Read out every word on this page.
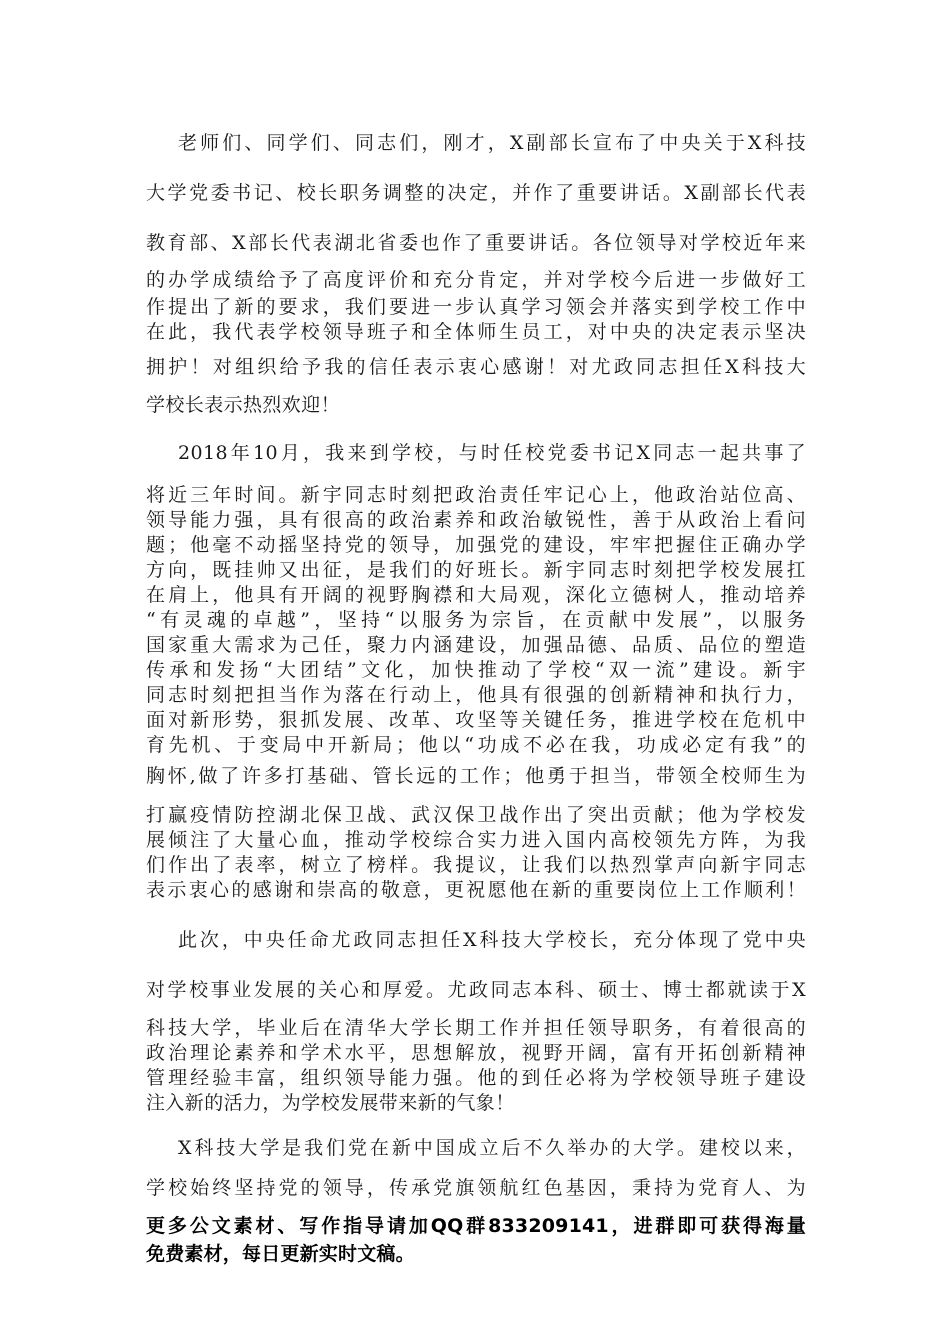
老师们、同学们、同志们，刚才，X副部长宣布了中央关于X科技
大学党委书记、校长职务调整的决定，并作了重要讲话。X副部长代表
教育部、X部长代表湖北省委也作了重要讲话。各位领导对学校近年来
的办学成绩给予了高度评价和充分肯定，并对学校今后进一步做好工
作提出了新的要求，我们要进一步认真学习领会并落实到学校工作中
在此，我代表学校领导班子和全体师生员工，对中央的决定表示坚决
拥护！对组织给予我的信任表示衷心感谢！对尤政同志担任X科技大
学校长表示热烈欢迎！
2018年10月，我来到学校，与时任校党委书记X同志一起共事了
将近三年时间。新宇同志时刻把政治责任牢记心上，他政治站位高、
领导能力强，具有很高的政治素养和政治敏锐性，善于从政治上看问
题；他毫不动摇坚持党的领导，加强党的建设，牢牢把握住正确办学
方向，既挂帅又出征，是我们的好班长。新宇同志时刻把学校发展扛
在肩上，他具有开阔的视野胸襟和大局观，深化立德树人，推动培养
“有灵魂的卓越”，坚持“以服务为宗旨，在贡献中发展”，以服务
国家重大需求为己任，聚力内涵建设，加强品德、品质、品位的塑造
传承和发扬“大团结”文化，加快推动了学校“双一流”建设。新宇
同志时刻把担当作为落在行动上，他具有很强的创新精神和执行力，
面对新形势，狠抓发展、改革、攻坚等关键任务，推进学校在危机中
育先机、于变局中开新局；他以“功成不必在我，功成必定有我”的
胸怀,做了许多打基础、管长远的工作；他勇于担当，带领全校师生为
打赢疫情防控湖北保卫战、武汉保卫战作出了突出贡献；他为学校发
展倾注了大量心血，推动学校综合实力进入国内高校领先方阵，为我
们作出了表率，树立了榜样。我提议，让我们以热烈掌声向新宇同志
表示衷心的感谢和崇高的敬意，更祝愿他在新的重要岗位上工作顺利！
此次，中央任命尤政同志担任X科技大学校长，充分体现了党中央
对学校事业发展的关心和厚爱。尤政同志本科、硕士、博士都就读于X
科技大学，毕业后在清华大学长期工作并担任领导职务，有着很高的
政治理论素养和学术水平，思想解放，视野开阔，富有开拓创新精神
管理经验丰富，组织领导能力强。他的到任必将为学校领导班子建设
注入新的活力，为学校发展带来新的气象！
X科技大学是我们党在新中国成立后不久举办的大学。建校以来，
学校始终坚持党的领导，传承党旗领航红色基因，秉持为党育人、为
更多公文素材、写作指导请加QQ群833209141，进群即可获得海量
免费素材，每日更新实时文稿。
